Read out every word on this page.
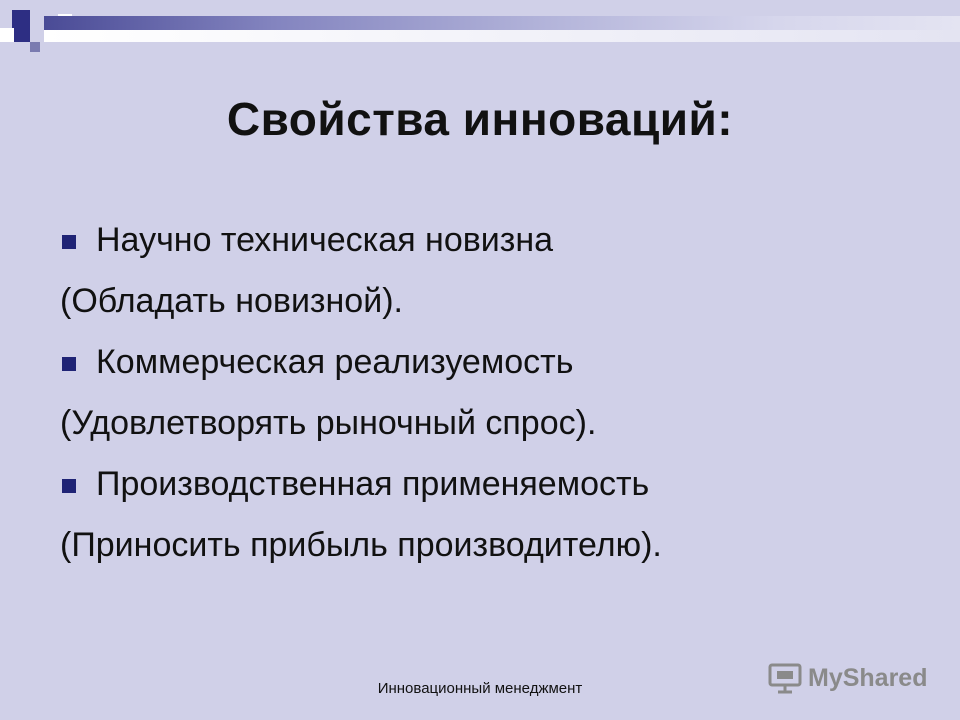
Свойства инноваций:
Научно техническая новизна
(Обладать новизной).
Коммерческая реализуемость
(Удовлетворять рыночный спрос).
Производственная применяемость
(Приносить прибыль производителю).
MyShared
Инновационный менеджмент
